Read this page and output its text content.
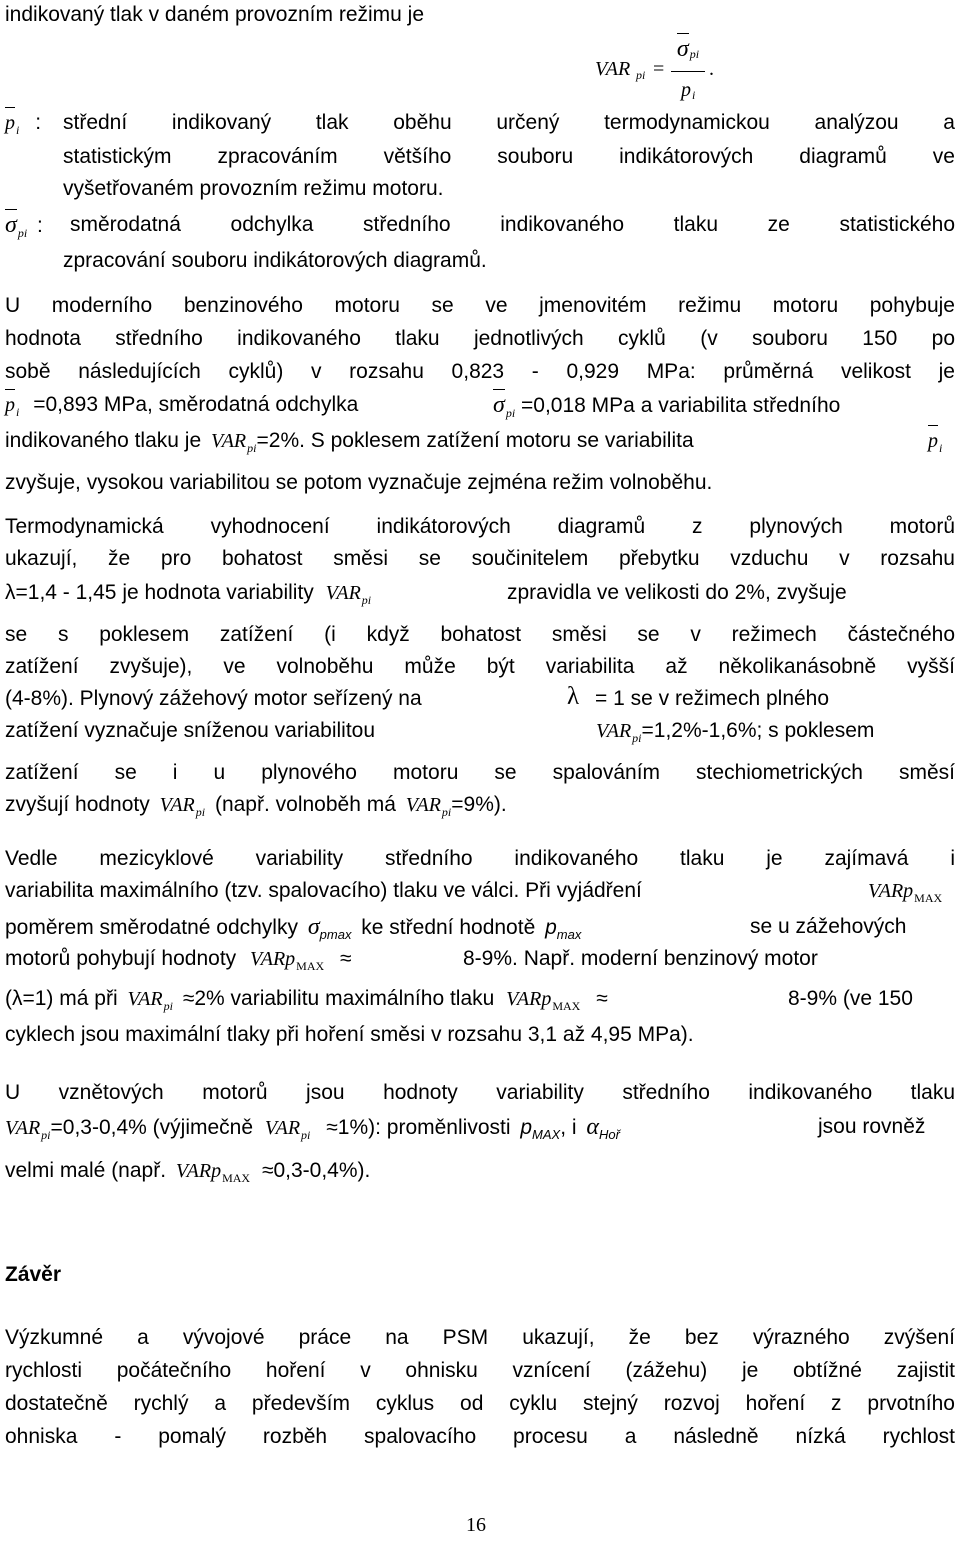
indikovaný tlak v daném provozním režimu je
VAR pi =
σpi
pi
.
$p_i$ : střední indikovaný tlak oběhu určený termodynamickou analýzou a
statistickým zpracováním většího souboru indikátorových diagramů ve
vyšetřovaném provozním režimu motoru.
$\sigma_{pi}$ : směrodatná odchylka středního indikovaného tlaku ze statistického
zpracování souboru indikátorových diagramů.
U moderního benzinového motoru se ve jmenovitém režimu motoru pohybuje
hodnota středního indikovaného tlaku jednotlivých cyklů (v souboru 150 po
sobě následujících cyklů) v rozsahu 0,823 - 0,929 MPa: průměrná velikost je
$p_i =0,893$ MPa, směrodatná odchylka	$\sigma_{pi} =0,018$ MPa a variabilita středního
indikovaného tlaku je $VAR_{pi}=2\%$. S poklesem zatížení motoru se variabilita	$p_i$
zvyšuje, vysokou variabilitou se potom vyznačuje zejména režim volnoběhu.
Termodynamická vyhodnocení indikátorových diagramů z plynových motorů
ukazují, že pro bohatost směsi se součinitelem přebytku vzduchu v rozsahu
λ=1,4 - 1,45 je hodnota variability $VAR_{pi}$	zpravidla ve velikosti do 2%, zvyšuje
se s poklesem zatížení (i když bohatost směsi se v režimech částečného
zatížení zvyšuje), ve volnoběhu může být variabilita až několikanásobně vyšší
(4-8%). Plynový zážehový motor seřízený na	λ = 1 se v režimech plného
zatížení vyznačuje sníženou variabilitou	$VAR_{pi}=1,2\%-1,6\%$; s poklesem
zatížení se i u plynového motoru se spalováním stechiometrických směsí
zvyšují hodnoty $VAR_{pi}$ (např. volnoběh má $VAR_{pi}=9\%$).
Vedle mezicyklové variability středního indikovaného tlaku je zajímavá i
variabilita maximálního (tzv. spalovacího) tlaku ve válci. Při vyjádření	VARp$_{MAX}$
poměrem směrodatné odchylky $\sigma_{pmax}$ ke střední hodnotě $p_{max}$	se u zážehových
motorů pohybují hodnoty VARp$_{MAX}$ ≈	8-9%. Např. moderní benzinový motor
(λ=1) má při $VAR_{pi} \approx 2\%$ variabilitu maximálního tlaku VARp$_{MAX}$ ≈	8-9% (ve 150
cyklech jsou maximální tlaky při hoření směsi v rozsahu 3,1 až 4,95 MPa).
U vznětových motorů jsou hodnoty variability středního indikovaného tlaku
$VAR_{pi}=0,3-0,4\%$ (výjimečně $VAR_{pi} \approx 1\%$): proměnlivosti $p_{MAX}$, i $\alpha_{Hoř}$	jsou rovněž
velmi malé (např. VARp$_{MAX}$ ≈0,3-0,4%).
Závěr
Výzkumné a vývojové práce na PSM ukazují, že bez výrazného zvýšení
rychlosti počátečního hoření v ohnisku vznícení (zážehu) je obtížné zajistit
dostatečně rychlý a především cyklus od cyklu stejný rozvoj hoření z prvotního
ohniska - pomalý rozběh spalovacího procesu a následně nízká rychlost
16
